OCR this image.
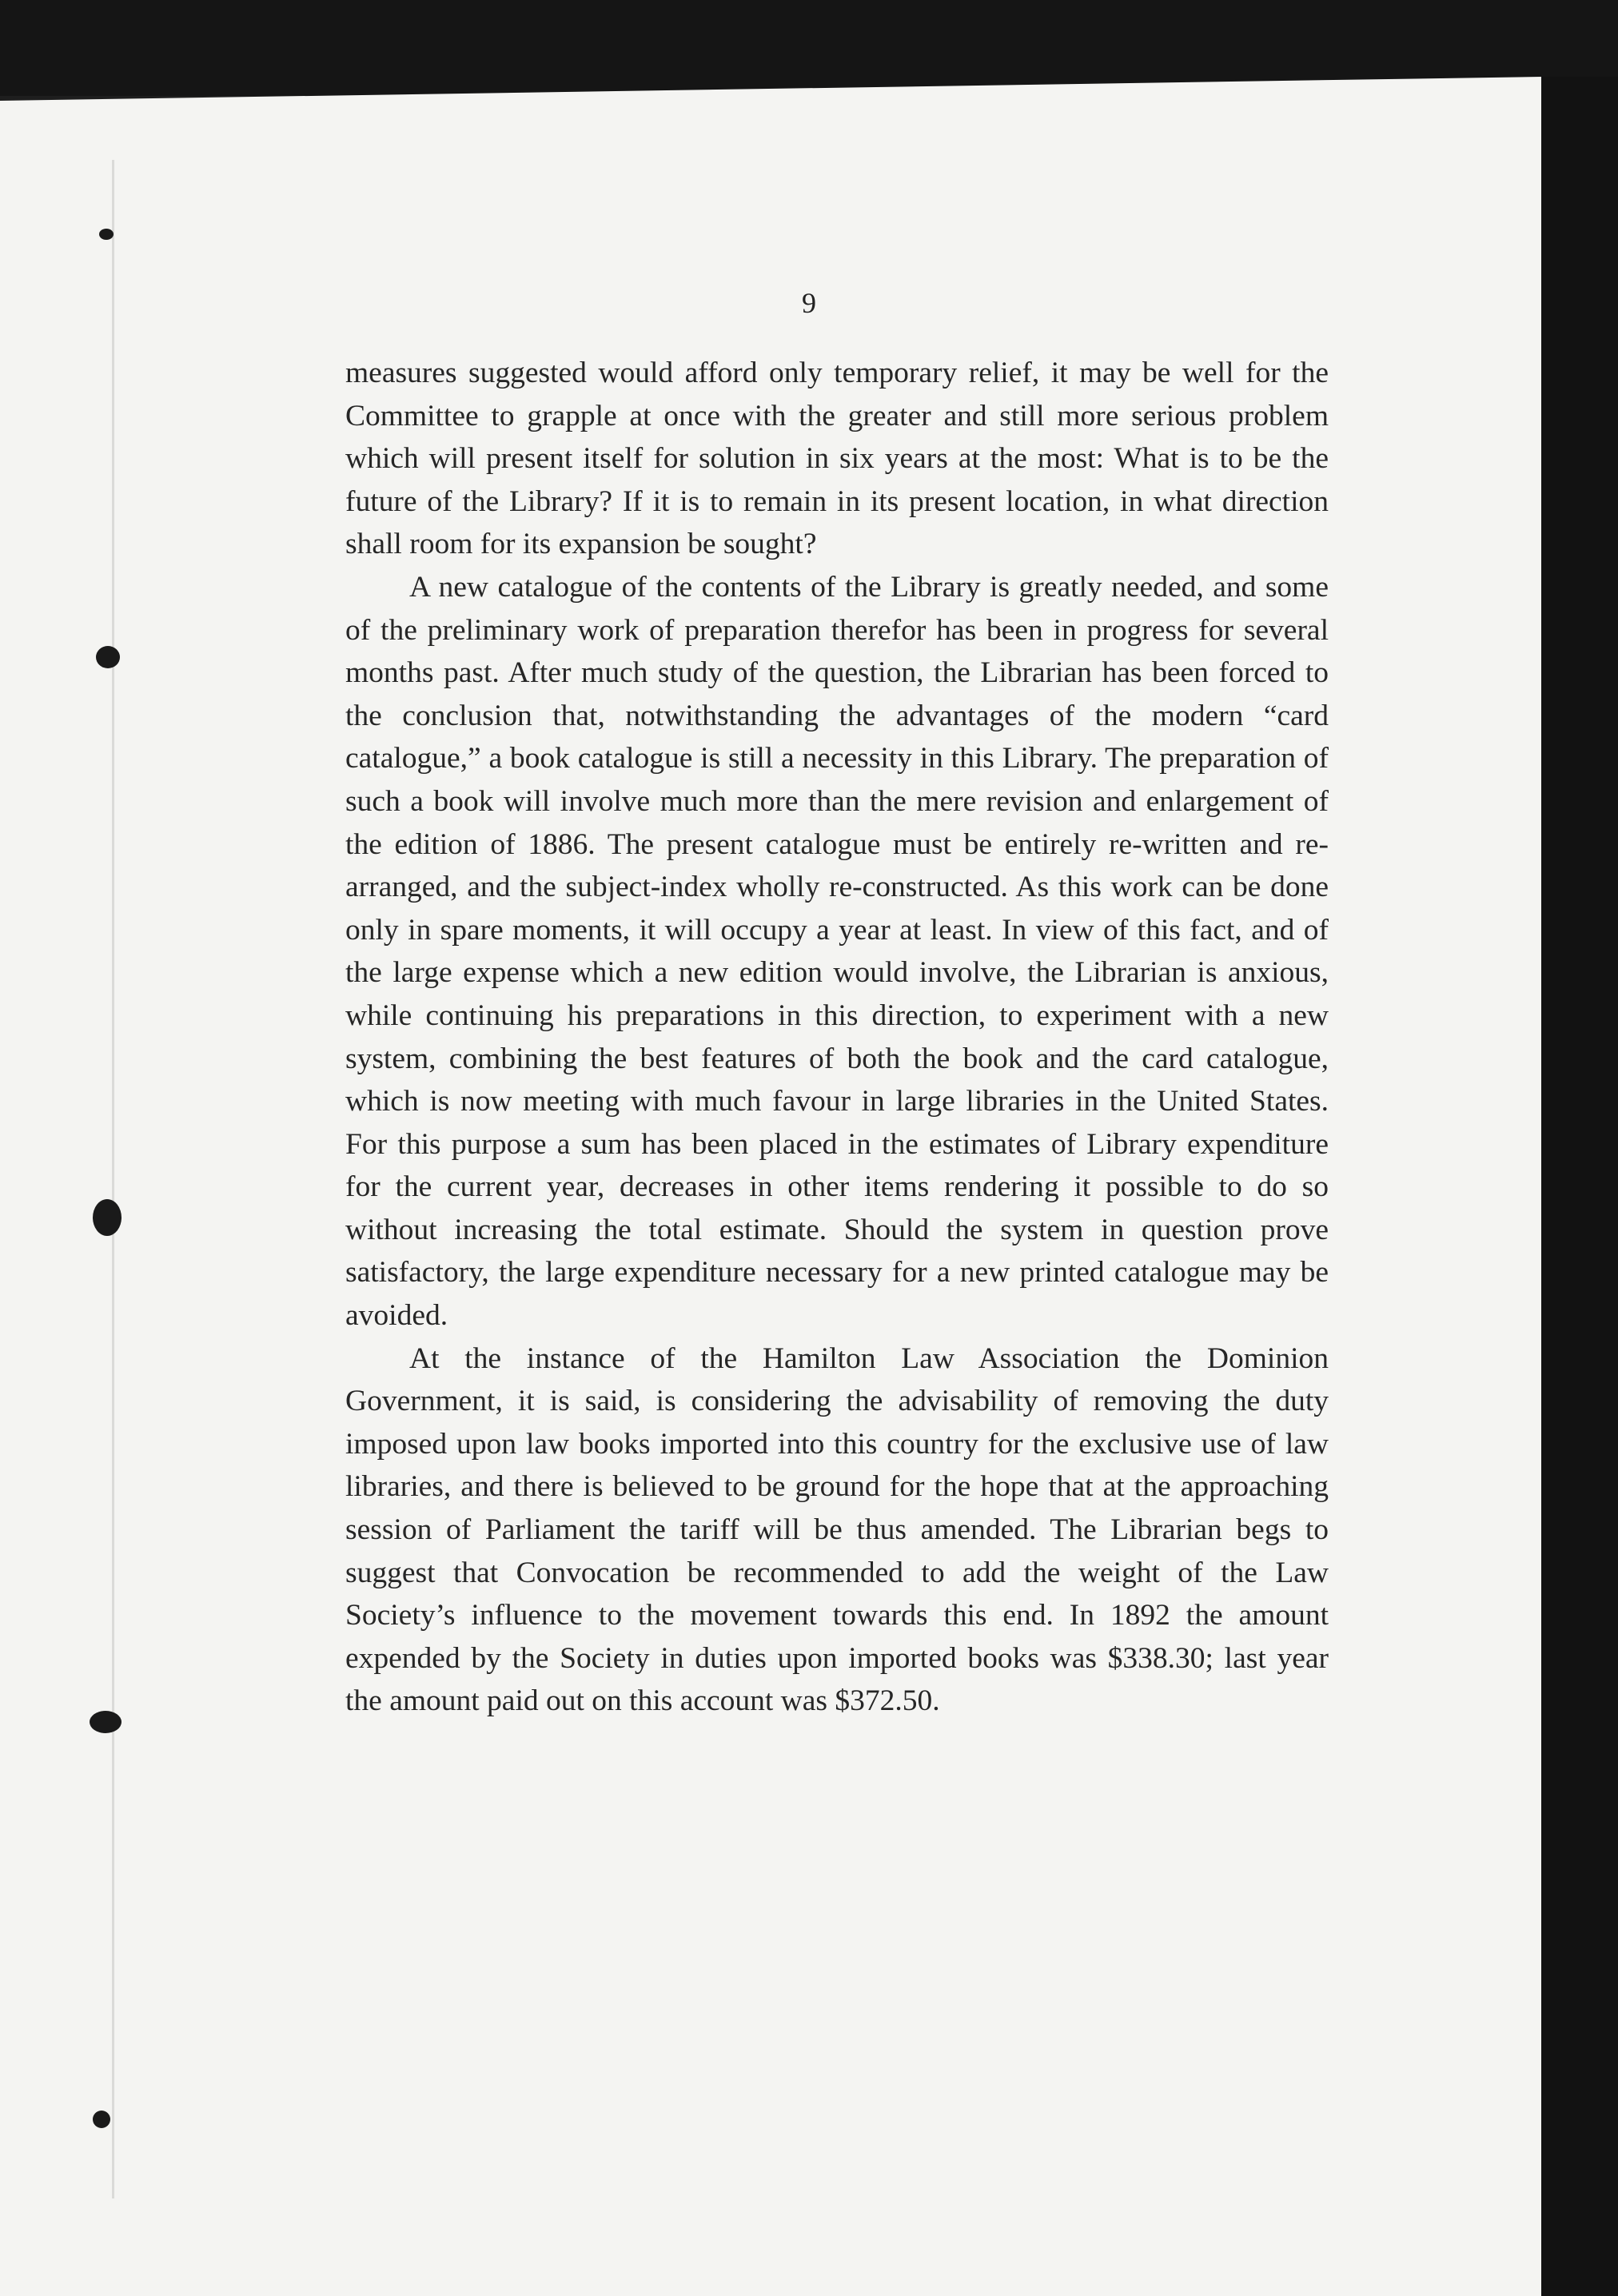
9

measures suggested would afford only temporary relief, it may be well for the Committee to grapple at once with the greater and still more serious problem which will present itself for solution in six years at the most: What is to be the future of the Library? If it is to remain in its present location, in what direction shall room for its expansion be sought?

A new catalogue of the contents of the Library is greatly needed, and some of the preliminary work of preparation therefor has been in progress for several months past. After much study of the question, the Librarian has been forced to the conclusion that, notwithstanding the advantages of the modern “card catalogue,” a book catalogue is still a necessity in this Library. The preparation of such a book will involve much more than the mere revision and enlargement of the edition of 1886. The present catalogue must be entirely re-written and re-arranged, and the subject-index wholly re-constructed. As this work can be done only in spare moments, it will occupy a year at least. In view of this fact, and of the large expense which a new edition would involve, the Librarian is anxious, while continuing his preparations in this direction, to experiment with a new system, combining the best features of both the book and the card catalogue, which is now meeting with much favour in large libraries in the United States. For this purpose a sum has been placed in the estimates of Library expenditure for the current year, decreases in other items rendering it possible to do so without increasing the total estimate. Should the system in question prove satisfactory, the large expenditure necessary for a new printed catalogue may be avoided.

At the instance of the Hamilton Law Association the Dominion Government, it is said, is considering the advisability of removing the duty imposed upon law books imported into this country for the exclusive use of law libraries, and there is believed to be ground for the hope that at the approaching session of Parliament the tariff will be thus amended. The Librarian begs to suggest that Convocation be recommended to add the weight of the Law Society’s influence to the movement towards this end. In 1892 the amount expended by the Society in duties upon imported books was $338.30; last year the amount paid out on this account was $372.50.
